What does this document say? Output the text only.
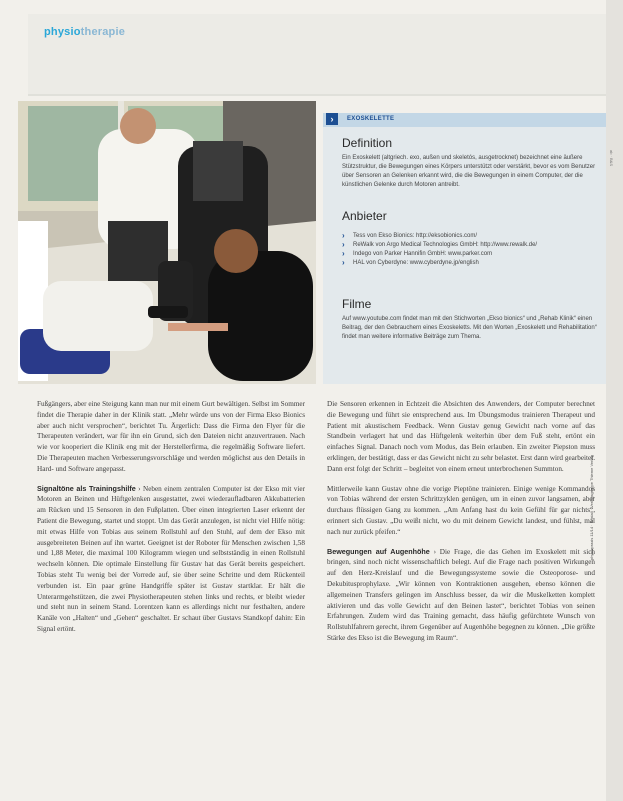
physiotherapie
physiopraxis 11/14 · Kristall · Verlagsgruppe Thieme Verlag
ab · B&S
›	EXOSKELETTE
Definition

Ein Exoskelett (altgriech. exo, außen und skeletós, ausgetrocknet) bezeichnet eine äußere Stützstruktur, die Bewegungen eines Körpers unterstützt oder verstärkt, bevor es vom Benutzer über Sensoren an Gelenken erkannt wird, die die Bewegungen in einem Computer, der die künstlichen Gelenke durch Motoren antreibt.

Anbieter
› Tess von Ekso Bionics: http://eksobionics.com/
› ReWalk von Argo Medical Technologies GmbH: http://www.rewalk.de/
› Indego von Parker Hannifin GmbH: www.parker.com
› HAL von Cyberdyne: www.cyberdyne.jp/english
Filme

Auf www.youtube.com findet man mit den Stichworten „Ekso bionics“ und „Rehab Klinik“ einen Beitrag, der den Gebrauchern eines Exoskeletts. Mit den Worten „Exoskelett und Rehabilitation“ findet man weitere informative Beiträge zum Thema.

Fußgängers, aber eine Steigung kann man nur mit einem Gurt bewältigen. Selbst im Sommer findet die Therapie daher in der Klinik statt. „Mehr würde uns von der Firma Ekso Bionics aber auch nicht versprochen“, berichtet Tu. Ärgerlich: Dass die Firma den Flyer für die Therapeuten verändert, war für ihn ein Grund, sich den Dateien nicht anzuvertrauen. Nach wie vor kooperiert die Klinik eng mit der Herstellerfirma, die regelmäßig Software liefert. Die Therapeuten machen Verbesserungsvorschläge und werden möglichst aus den Details in Hard- und Software angepasst.

Signaltöne als Trainingshilfe › Neben einem zentralen Computer ist der Ekso mit vier Motoren an Beinen und Hüftgelenken ausgestattet, zwei wiederaufladbaren Akkubatterien am Rücken und 15 Sensoren in den Fußplatten. Über einen integrierten Laser erkennt der Patient die Bewegung, startet und stoppt. Um das Gerät anzulegen, ist nicht viel Hilfe nötig: mit etwas Hilfe von Tobias aus seinem Rollstuhl auf den Stuhl, auf dem der Ekso mit ausgebreiteten Beinen auf ihn wartet. Geeignet ist der Roboter für Menschen zwischen 1,58 und 1,88 Meter, die maximal 100 Kilogramm wiegen und selbstständig in einen Rollstuhl wechseln können. Die optimale Einstellung für Gustav hat das Gerät bereits gespeichert. Tobias steht Tu wenig bei der Vorrede auf, sie über seine Schritte und dem Rückenteil verbunden ist. Ein paar grüne Handgriffe später ist Gustav startklar. Er hält die Unterarmgehstützen, die zwei Physiotherapeuten stehen links und rechts, er bleibt wieder und steht nun in seinem Stand. Lorentzen kann es allerdings nicht nur festhalten, andere Kanäle von „Halten“ und „Gehen“ geschaltet. Er schaut über Gustavs Standkopf dahin: Ein Signal ertönt.

Die Sensoren erkennen in Echtzeit die Absichten des Anwenders, der Computer berechnet die Bewegung und führt sie entsprechend aus. Im Übungsmodus trainieren Therapeut und Patient mit akustischem Feedback. Wenn Gustav genug Gewicht nach vorne auf das Standbein verlagert hat und das Hüftgelenk weiterhin über dem Fuß steht, ertönt ein einfaches Signal. Danach noch vom Modus, das Bein erlauben. Ein zweiter Piepston muss erklingen, der bestätigt, dass er das Gewicht nicht zu sehr belastet. Erst dann wird gearbeitet. Dann erst folgt der Schritt – begleitet von einem erneut unterbrochenen Summton.

Mittlerweile kann Gustav ohne die vorige Pieptöne trainieren. Einige wenige Kommandos von Tobias während der ersten Schrittzyklen genügen, um in einen zuvor langsamen, aber durchaus flüssigen Gang zu kommen. „Am Anfang hast du kein Gefühl für gar nichts“, erinnert sich Gustav. „Du weißt nicht, wo du mit deinem Gewicht landest, und fühlst, mal nach nur zurück pfeifen.“

Bewegungen auf Augenhöhe › Die Frage, die das Gehen im Exoskelett mit sich bringen, sind noch nicht wissenschaftlich belegt. Auf die Frage nach positiven Wirkungen auf den Herz-Kreislauf und die Bewegungssysteme sowie die Osteoporose- und Dekubitusprophylaxe. „Wir können von Kontraktionen ausgehen, ebenso können die allgemeinen Transfers gelingen im Anschluss besser, da wir die Muskelketten komplett aktivieren und das volle Gewicht auf den Beinen lastet“, berichtet Tobias von seinen Erfahrungen. Zudem wird das Training gemacht, dass häufig gefürchtete Wunsch von Rollstuhlfahrern gerecht, ihrem Gegenüber auf Augenhöhe begegnen zu können. „Die größte Stärke des Ekso ist die Bewegung im Raum“.
